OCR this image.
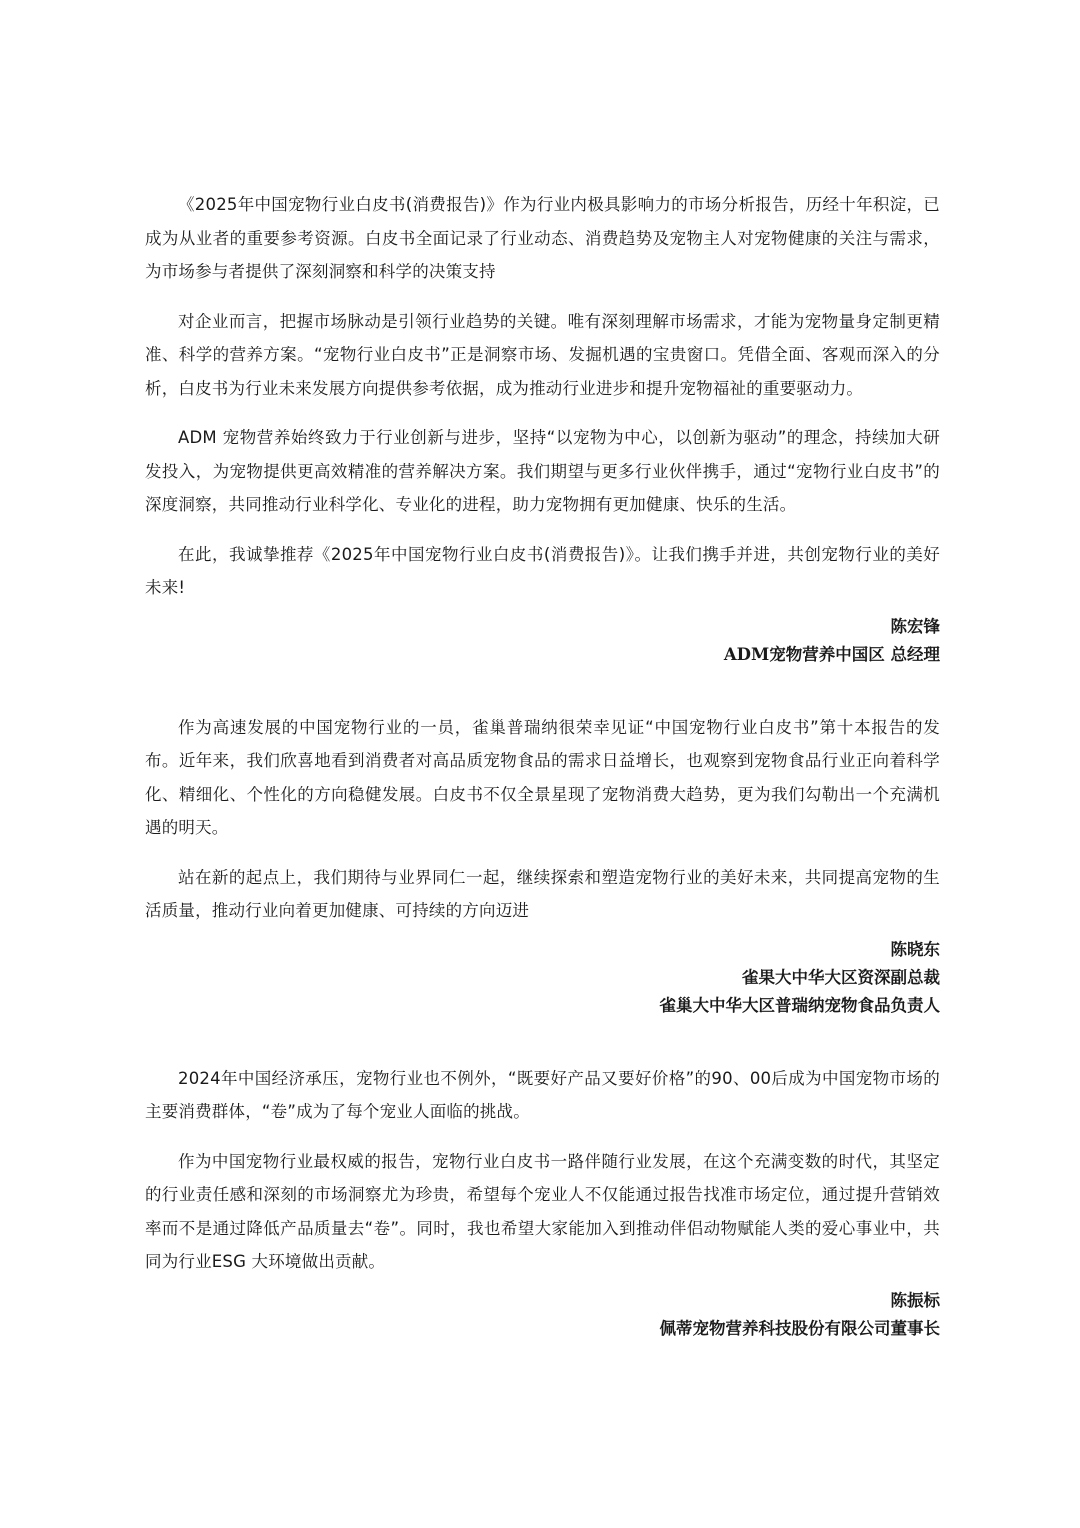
《2025年中国宠物行业白皮书(消费报告)》作为行业内极具影响力的市场分析报告，历经十年积淀，已成为从业者的重要参考资源。白皮书全面记录了行业动态、消费趋势及宠物主人对宠物健康的关注与需求，为市场参与者提供了深刻洞察和科学的决策支持

对企业而言，把握市场脉动是引领行业趋势的关键。唯有深刻理解市场需求，才能为宠物量身定制更精准、科学的营养方案。“宠物行业白皮书”正是洞察市场、发掘机遇的宝贵窗口。凭借全面、客观而深入的分析，白皮书为行业未来发展方向提供参考依据，成为推动行业进步和提升宠物福祉的重要驱动力。

ADM 宠物营养始终致力于行业创新与进步，坚持“以宠物为中心，以创新为驱动”的理念，持续加大研发投入，为宠物提供更高效精准的营养解决方案。我们期望与更多行业伙伴携手，通过“宠物行业白皮书”的深度洞察，共同推动行业科学化、专业化的进程，助力宠物拥有更加健康、快乐的生活。

在此，我诚挚推荐《2025年中国宠物行业白皮书(消费报告)》。让我们携手并进，共创宠物行业的美好未来!

陈宏锋
ADM宠物营养中国区 总经理

作为高速发展的中国宠物行业的一员，雀巢普瑞纳很荣幸见证“中国宠物行业白皮书”第十本报告的发布。近年来，我们欣喜地看到消费者对高品质宠物食品的需求日益增长，也观察到宠物食品行业正向着科学化、精细化、个性化的方向稳健发展。白皮书不仅全景星现了宠物消费大趋势，更为我们勾勒出一个充满机遇的明天。

站在新的起点上，我们期待与业界同仁一起，继续探索和塑造宠物行业的美好未来，共同提高宠物的生活质量，推动行业向着更加健康、可持续的方向迈进

陈晓东
雀果大中华大区资深副总裁
雀巢大中华大区普瑞纳宠物食品负责人

2024年中国经济承压，宠物行业也不例外，“既要好产品又要好价格”的90、00后成为中国宠物市场的主要消费群体，“卷”成为了每个宠业人面临的挑战。

作为中国宠物行业最权威的报告，宠物行业白皮书一路伴随行业发展，在这个充满变数的时代，其坚定的行业责任感和深刻的市场洞察尤为珍贵，希望每个宠业人不仅能通过报告找准市场定位，通过提升营销效率而不是通过降低产品质量去“卷”。同时，我也希望大家能加入到推动伴侣动物赋能人类的爱心事业中，共同为行业ESG 大环境做出贡献。

陈振标
佩蒂宠物营养科技股份有限公司董事长
